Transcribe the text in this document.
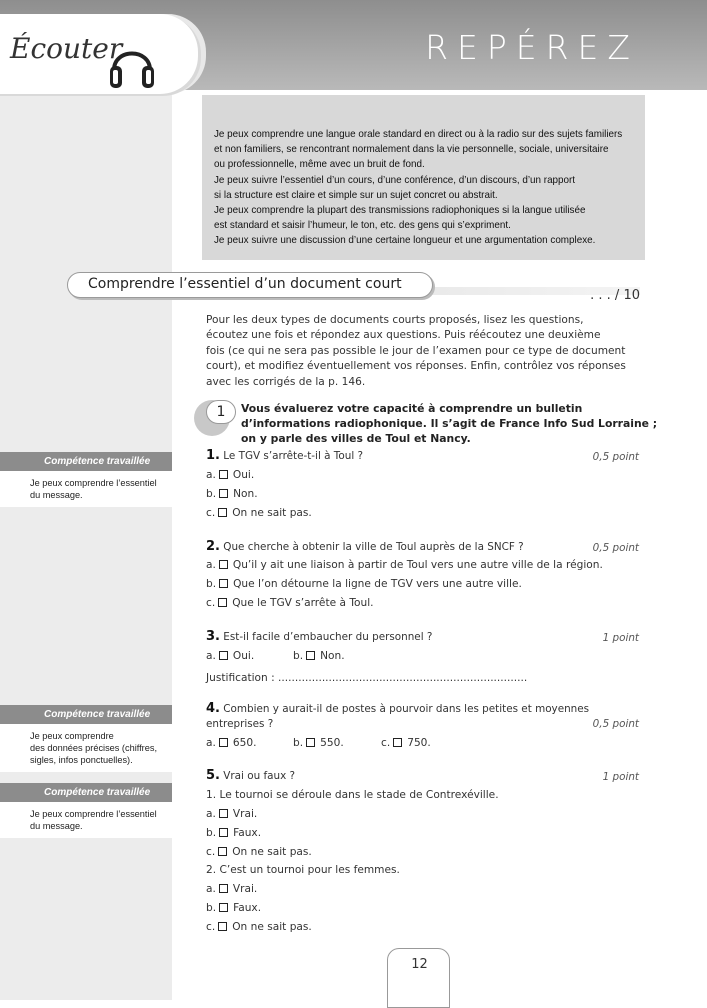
Écouter	REPÉREZ

Je peux comprendre une langue orale standard en direct ou à la radio sur des sujets familiers

et non familiers, se rencontrant normalement dans la vie personnelle, sociale, universitaire

ou professionnelle, même avec un bruit de fond.

Je peux suivre l’essentiel d’un cours, d’une conférence, d’un discours, d’un rapport

si la structure est claire et simple sur un sujet concret ou abstrait.

Je peux comprendre la plupart des transmissions radiophoniques si la langue utilisée

est standard et saisir l’humeur, le ton, etc. des gens qui s’expriment.

Je peux suivre une discussion d’une certaine longueur et une argumentation complexe.

Comprendre l’essentiel d’un document court
. . . / 10
Pour les deux types de documents courts proposés, lisez les questions,
écoutez une fois et répondez aux questions. Puis réécoutez une deuxième
fois (ce qui ne sera pas possible le jour de l’examen pour ce type de document
court), et modifiez éventuellement vos réponses. Enfin, contrôlez vos réponses
avec les corrigés de la p. 146.
1	Vous évaluerez votre capacité à comprendre un bulletin
d’informations radiophonique. Il s’agit de France Info Sud Lorraine ;
on y parle des villes de Toul et Nancy.
Compétence travaillée
Je peux comprendre l’essentiel
du message.
Compétence travaillée
Je peux comprendre
des données précises (chiffres,
sigles, infos ponctuelles).
Compétence travaillée
Je peux comprendre l’essentiel
du message.
1. Le TGV s’arrête-t-il à Toul ?	0,5 point
a. Oui.
b. Non.
c. On ne sait pas.
2. Que cherche à obtenir la ville de Toul auprès de la SNCF ?	0,5 point
a. Qu’il y ait une liaison à partir de Toul vers une autre ville de la région.
b. Que l’on détourne la ligne de TGV vers une autre ville.
c. Que le TGV s’arrête à Toul.
3. Est-il facile d’embaucher du personnel ?	1 point
a. Oui.	b. Non.
Justification : ..........................................................................
4. Combien y aurait-il de postes à pourvoir dans les petites et moyennes
entreprises ?	0,5 point
a. 650.	b. 550.	c. 750.
5. Vrai ou faux ?	1 point
1. Le tournoi se déroule dans le stade de Contrexéville.
a. Vrai.
b. Faux.
c. On ne sait pas.
2. C’est un tournoi pour les femmes.
a. Vrai.
b. Faux.
c. On ne sait pas.
12
